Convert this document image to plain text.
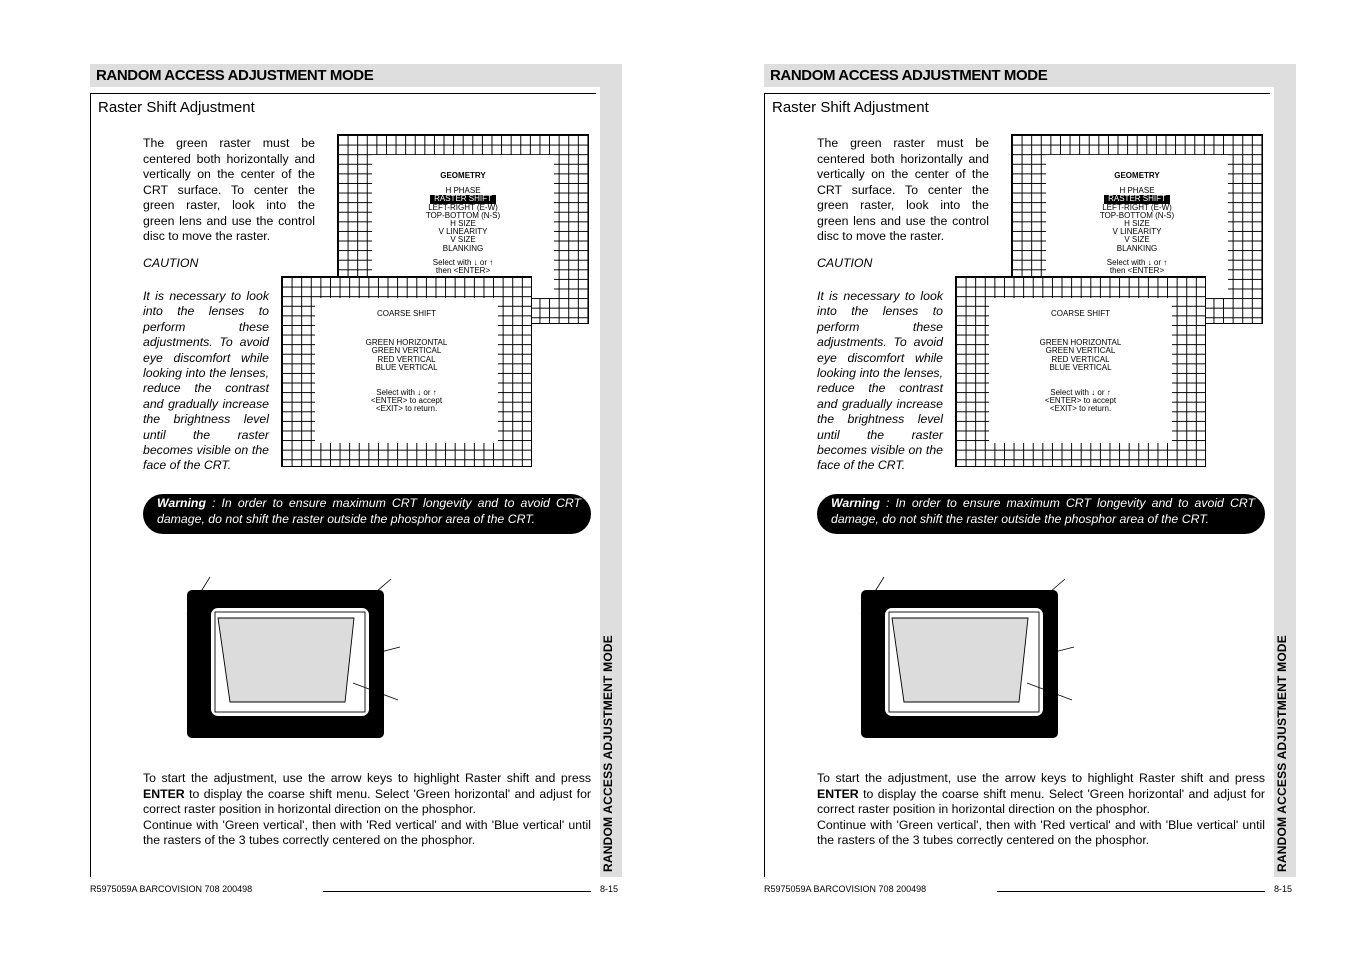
RANDOM ACCESS ADJUSTMENT MODE
RANDOM ACCESS ADJUSTMENT MODE
Raster Shift Adjustment
The green raster must be centered both horizontally and vertically on the center of the CRT surface. To center the green raster, look into the green lens and use the control disc to move the raster.
CAUTION
It is necessary to look into the lenses to perform these adjustments. To avoid eye discomfort while looking into the lenses, reduce the contrast and gradually increase the brightness level until the raster becomes visible on the face of the CRT.
GEOMETRY
H PHASE
RASTER SHIFT
LEFT-RIGHT (E-W)
TOP-BOTTOM (N-S)
H SIZE
V LINEARITY
V SIZE
BLANKING
Select with ↓ or ↑
then <ENTER>
COARSE SHIFT
GREEN HORIZONTAL
GREEN VERTICAL
RED VERTICAL
BLUE VERTICAL
Select with ↓ or ↑
<ENTER> to accept
<EXIT> to return.
Warning : In order to ensure maximum CRT longevity and to avoid CRT damage, do not shift the raster outside the phosphor area of the CRT.
To start the adjustment, use the arrow keys to highlight Raster shift and press ENTER to display the coarse shift menu. Select 'Green horizontal' and adjust for correct raster position in horizontal direction on the phosphor.
Continue with 'Green vertical', then with 'Red vertical' and with 'Blue vertical' until the rasters of the 3 tubes correctly centered on the phosphor.
R5975059A BARCOVISION 708 200498	8-15
RANDOM ACCESS ADJUSTMENT MODE
RANDOM ACCESS ADJUSTMENT MODE
Raster Shift Adjustment
The green raster must be centered both horizontally and vertically on the center of the CRT surface. To center the green raster, look into the green lens and use the control disc to move the raster.
CAUTION
It is necessary to look into the lenses to perform these adjustments. To avoid eye discomfort while looking into the lenses, reduce the contrast and gradually increase the brightness level until the raster becomes visible on the face of the CRT.
GEOMETRY
H PHASE
RASTER SHIFT
LEFT-RIGHT (E-W)
TOP-BOTTOM (N-S)
H SIZE
V LINEARITY
V SIZE
BLANKING
Select with ↓ or ↑
then <ENTER>
COARSE SHIFT
GREEN HORIZONTAL
GREEN VERTICAL
RED VERTICAL
BLUE VERTICAL
Select with ↓ or ↑
<ENTER> to accept
<EXIT> to return.
Warning : In order to ensure maximum CRT longevity and to avoid CRT damage, do not shift the raster outside the phosphor area of the CRT.
To start the adjustment, use the arrow keys to highlight Raster shift and press ENTER to display the coarse shift menu. Select 'Green horizontal' and adjust for correct raster position in horizontal direction on the phosphor.
Continue with 'Green vertical', then with 'Red vertical' and with 'Blue vertical' until the rasters of the 3 tubes correctly centered on the phosphor.
R5975059A BARCOVISION 708 200498	8-15
